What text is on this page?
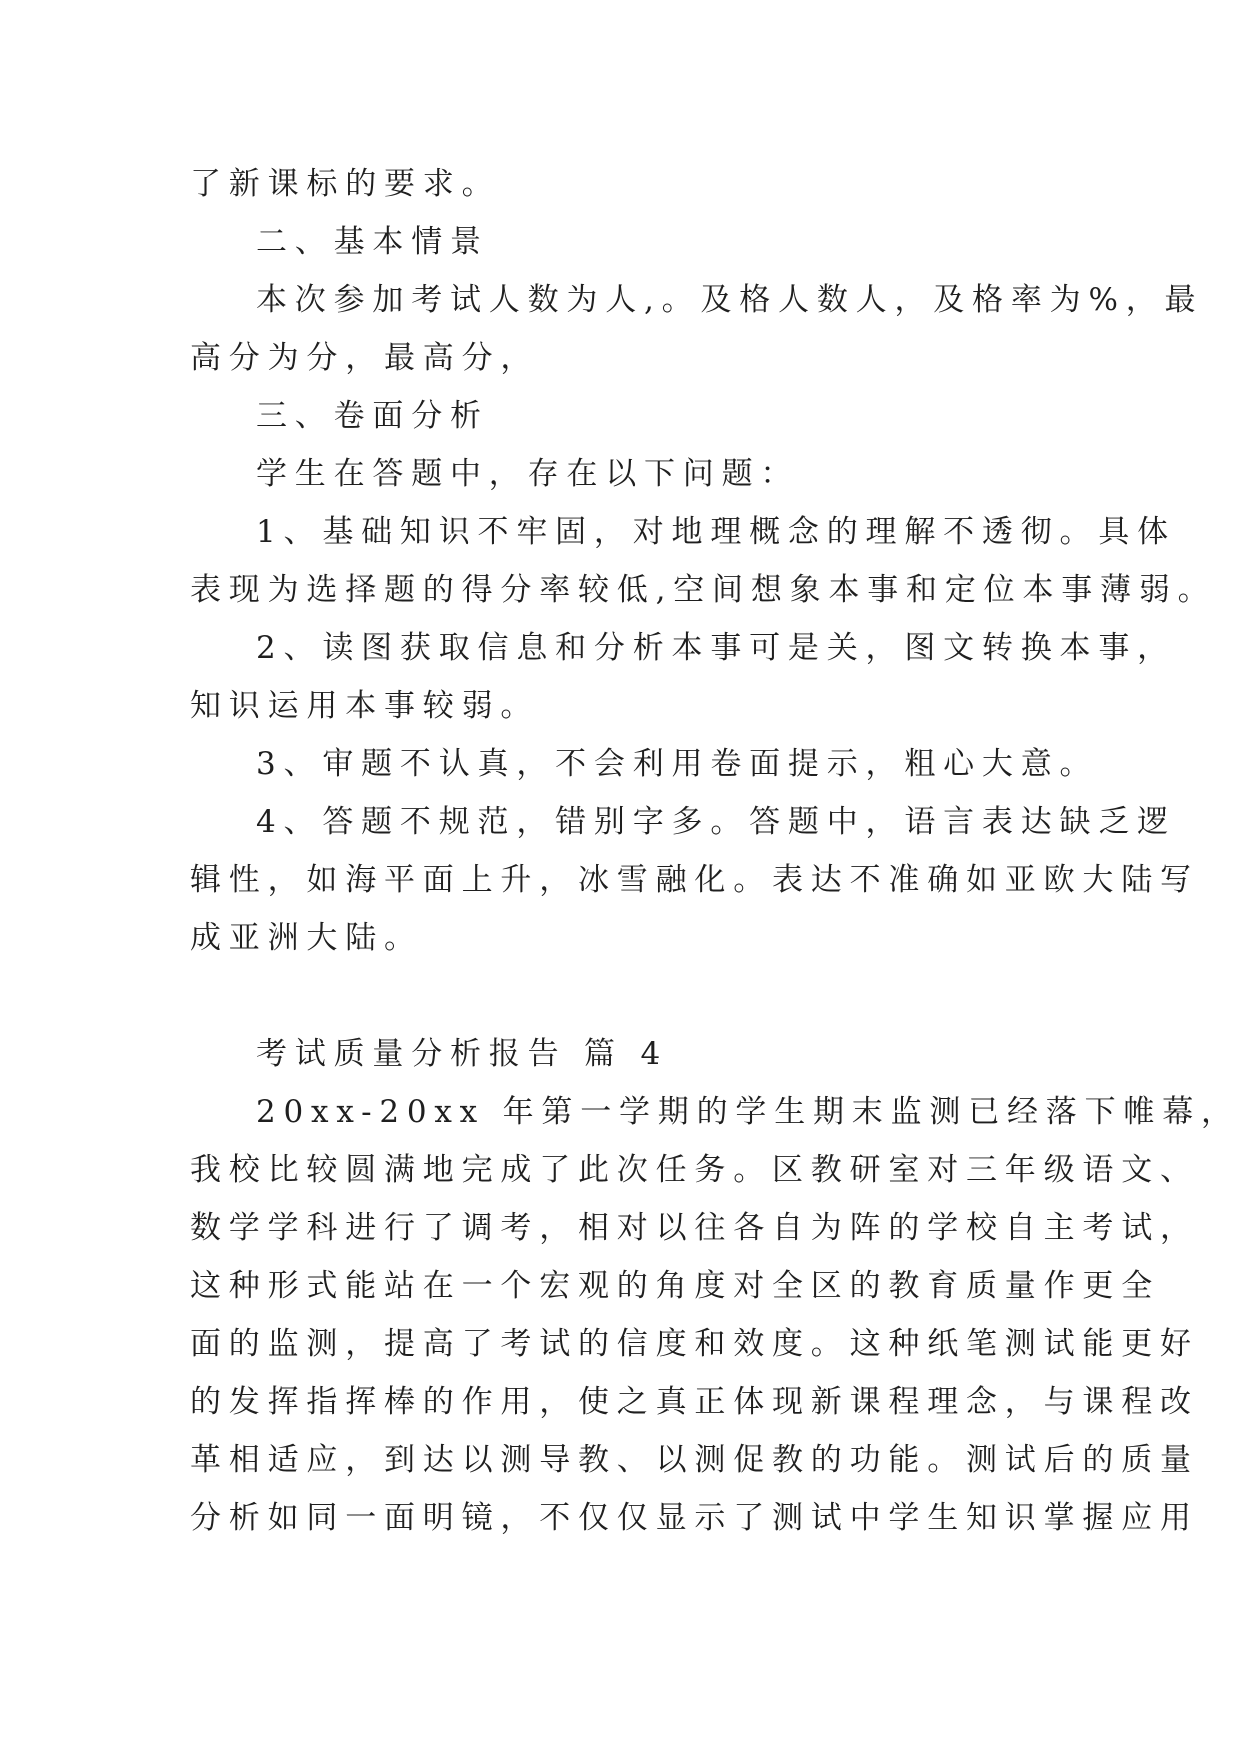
了新课标的要求。
二、基本情景
本次参加考试人数为人,。及格人数人，及格率为%，最
高分为分，最高分，
三、卷面分析
学生在答题中，存在以下问题：
1、基础知识不牢固，对地理概念的理解不透彻。具体
表现为选择题的得分率较低,空间想象本事和定位本事薄弱。
2、读图获取信息和分析本事可是关，图文转换本事，
知识运用本事较弱。
3、审题不认真，不会利用卷面提示，粗心大意。
4、答题不规范，错别字多。答题中，语言表达缺乏逻
辑性，如海平面上升，冰雪融化。表达不准确如亚欧大陆写
成亚洲大陆。
考试质量分析报告 篇 4
20xx-20xx 年第一学期的学生期末监测已经落下帷幕，
我校比较圆满地完成了此次任务。区教研室对三年级语文、
数学学科进行了调考，相对以往各自为阵的学校自主考试，
这种形式能站在一个宏观的角度对全区的教育质量作更全
面的监测，提高了考试的信度和效度。这种纸笔测试能更好
的发挥指挥棒的作用，使之真正体现新课程理念，与课程改
革相适应，到达以测导教、以测促教的功能。测试后的质量
分析如同一面明镜，不仅仅显示了测试中学生知识掌握应用
